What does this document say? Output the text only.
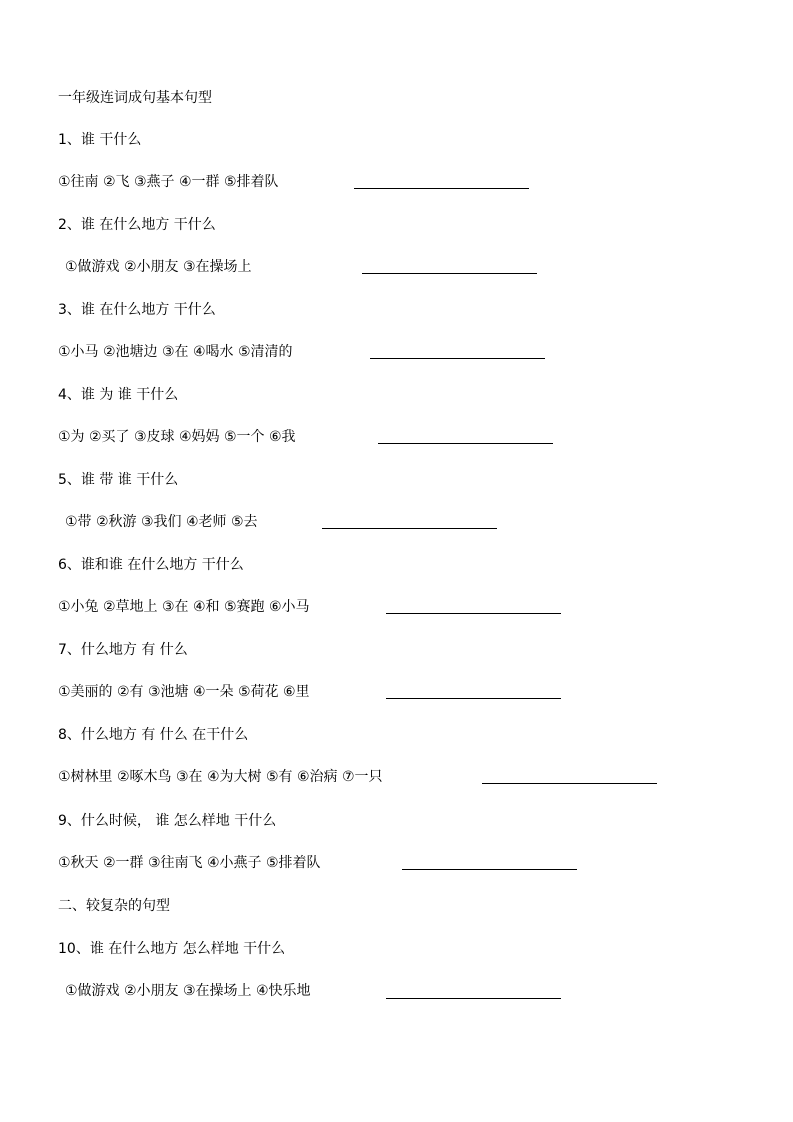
一年级连词成句基本句型
1、谁 干什么
①往南 ②飞 ③燕子 ④一群 ⑤排着队
2、谁 在什么地方 干什么
①做游戏 ②小朋友 ③在操场上
3、谁 在什么地方 干什么
①小马 ②池塘边 ③在 ④喝水 ⑤清清的
4、谁 为 谁 干什么
①为 ②买了 ③皮球 ④妈妈 ⑤一个 ⑥我
5、谁 带 谁 干什么
①带 ②秋游 ③我们 ④老师 ⑤去
6、谁和谁 在什么地方 干什么
①小兔 ②草地上 ③在 ④和 ⑤赛跑 ⑥小马
7、什么地方 有 什么
①美丽的 ②有 ③池塘 ④一朵 ⑤荷花 ⑥里
8、什么地方 有 什么 在干什么
①树林里 ②啄木鸟 ③在 ④为大树 ⑤有 ⑥治病 ⑦一只
9、什么时候， 谁 怎么样地 干什么
①秋天 ②一群 ③往南飞 ④小燕子 ⑤排着队
二、较复杂的句型
10、谁 在什么地方 怎么样地 干什么
①做游戏 ②小朋友 ③在操场上 ④快乐地
